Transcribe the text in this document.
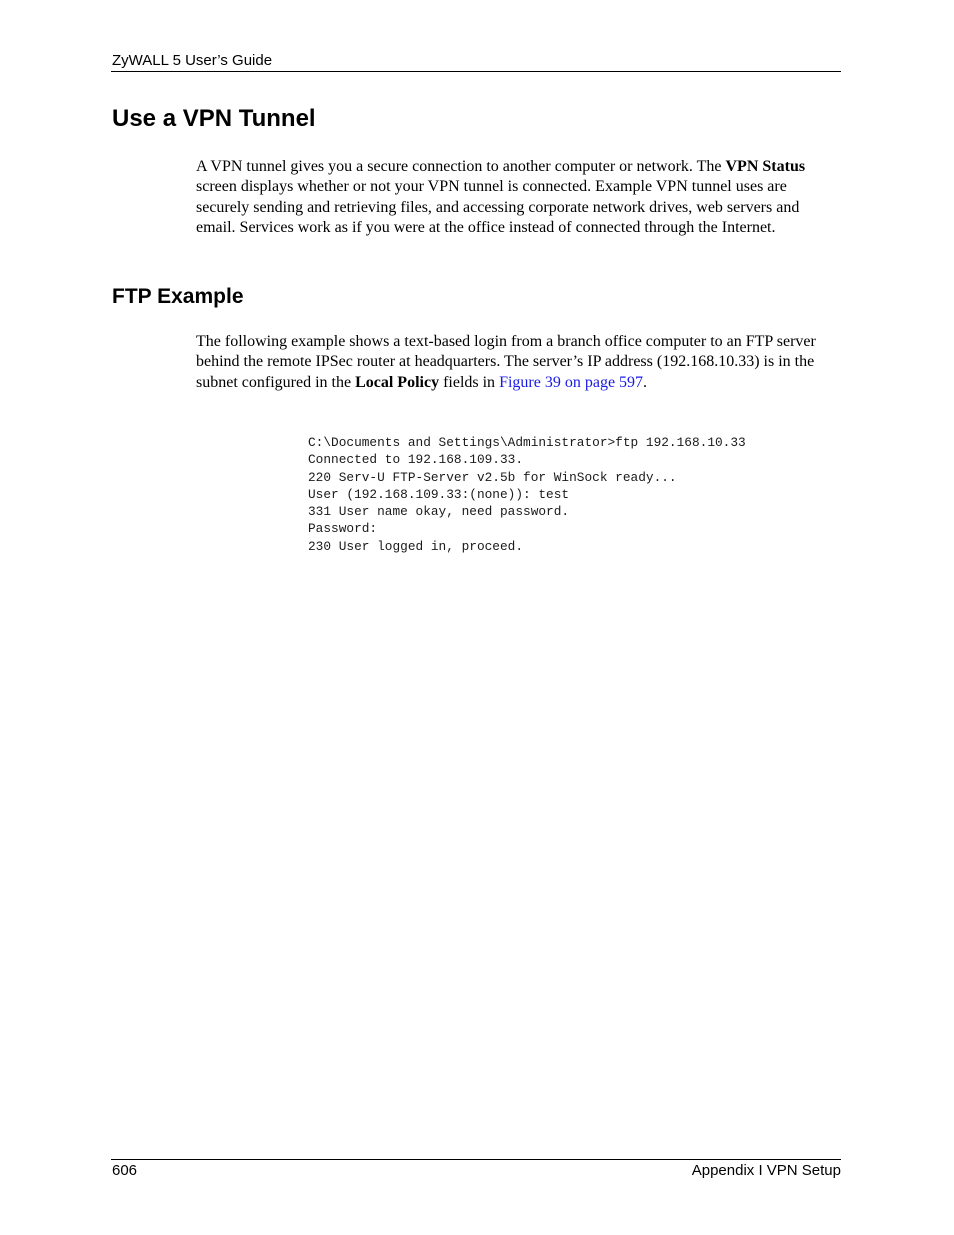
ZyWALL 5 User’s Guide
Use a VPN Tunnel

A VPN tunnel gives you a secure connection to another computer or network. The VPN Status screen displays whether or not your VPN tunnel is connected. Example VPN tunnel uses are securely sending and retrieving files, and accessing corporate network drives, web servers and email. Services work as if you were at the office instead of connected through the Internet.

FTP Example

The following example shows a text-based login from a branch office computer to an FTP server behind the remote IPSec router at headquarters. The server’s IP address (192.168.10.33) is in the subnet configured in the Local Policy fields in Figure 39 on page 597.

C:\Documents and Settings\Administrator>ftp 192.168.10.33
Connected to 192.168.109.33.
220 Serv-U FTP-Server v2.5b for WinSock ready...
User (192.168.109.33:(none)): test
331 User name okay, need password.
Password:
230 User logged in, proceed.
606	Appendix I VPN Setup
